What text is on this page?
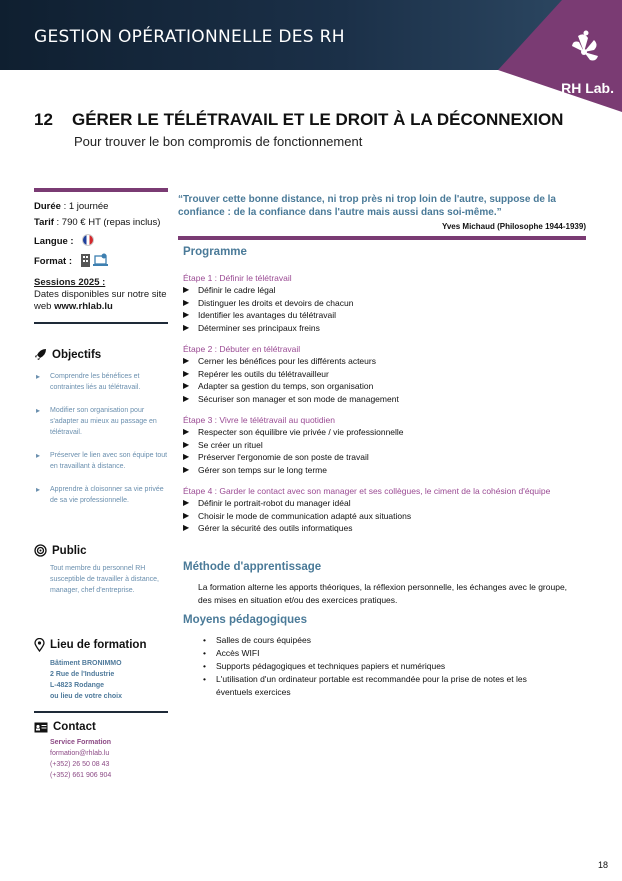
GESTION OPÉRATIONNELLE DES RH
RH Lab.
12 GÉRER LE TÉLÉTRAVAIL ET LE DROIT À LA DÉCONNEXION
Pour trouver le bon compromis de fonctionnement
Durée : 1 journée
Tarif : 790 € HT (repas inclus)
Langue :
Format :
Sessions 2025 :
Dates disponibles sur notre site web www.rhlab.lu
Objectifs
▸ Comprendre les bénéfices et contraintes liés au télétravail.
▸ Modifier son organisation pour s'adapter au mieux au passage en télétravail.
▸ Préserver le lien avec son équipe tout en travaillant à distance.
▸ Apprendre à cloisonner sa vie privée de sa vie professionnelle.
Public
Tout membre du personnel RH susceptible de travailler à distance, manager, chef d'entreprise.
Lieu de formation
Bâtiment BRONIMMO
2 Rue de l'Industrie
L-4823 Rodange
ou lieu de votre choix
Contact
Service Formation
formation@rhlab.lu
(+352) 26 50 08 43
(+352) 661 906 904
“Trouver cette bonne distance, ni trop près ni trop loin de l'autre, suppose de la confiance : de la confiance dans l'autre mais aussi dans soi-même.”
Yves Michaud (Philosophe 1944-1939)
Programme
Étape 1 : Définir le télétravail
▶ Définir le cadre légal
▶ Distinguer les droits et devoirs de chacun
▶ Identifier les avantages du télétravail
▶ Déterminer ses principaux freins
Étape 2 : Débuter en télétravail
▶ Cerner les bénéfices pour les différents acteurs
▶ Repérer les outils du télétravailleur
▶ Adapter sa gestion du temps, son organisation
▶ Sécuriser son manager et son mode de management
Étape 3 : Vivre le télétravail au quotidien
▶ Respecter son équilibre vie privée / vie professionnelle
▶ Se créer un rituel
▶ Préserver l'ergonomie de son poste de travail
▶ Gérer son temps sur le long terme
Étape 4 : Garder le contact avec son manager et ses collègues, le ciment de la cohésion d'équipe
▶ Définir le portrait-robot du manager idéal
▶ Choisir le mode de communication adapté aux situations
▶ Gérer la sécurité des outils informatiques
Méthode d'apprentissage
La formation alterne les apports théoriques, la réflexion personnelle, les échanges avec le groupe, des mises en situation et/ou des exercices pratiques.
Moyens pédagogiques
• Salles de cours équipées
• Accès WIFI
• Supports pédagogiques et techniques papiers et numériques
• L'utilisation d'un ordinateur portable est recommandée pour la prise de notes et les éventuels exercices
18
